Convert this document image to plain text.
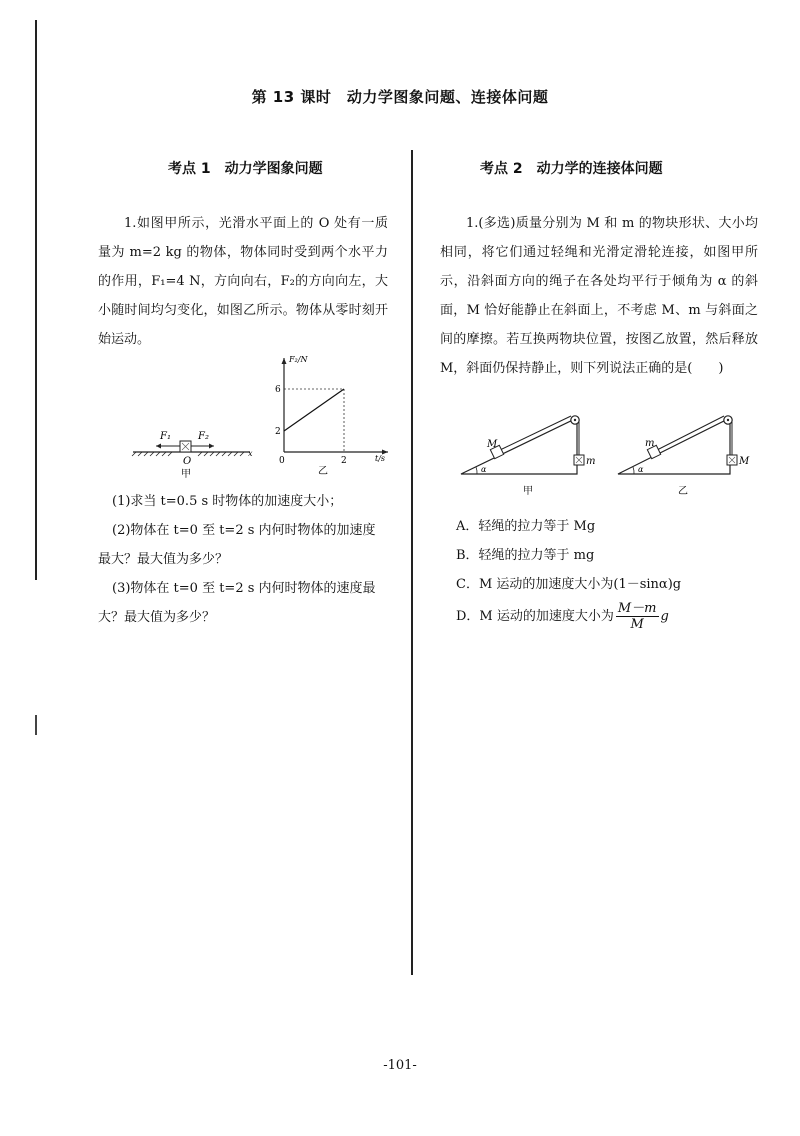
第 13 课时　动力学图象问题、连接体问题
考点 1　动力学图象问题
1.如图甲所示，光滑水平面上的 O 处有一质量为 m=2 kg 的物体，物体同时受到两个水平力的作用，F₁=4 N，方向向右，F₂的方向向左，大小随时间均匀变化，如图乙所示。物体从零时刻开始运动。
F₁	F₂
x
O
甲
0	2
2
6
F₂/N
t/s
乙
(1)求当 t=0.5 s 时物体的加速度大小；
(2)物体在 t=0 至 t=2 s 内何时物体的加速度最大？最大值为多少？
(3)物体在 t=0 至 t=2 s 内何时物体的速度最大？最大值为多少？
考点 2　动力学的连接体问题
1.(多选)质量分别为 M 和 m 的物块形状、大小均相同，将它们通过轻绳和光滑定滑轮连接，如图甲所示，沿斜面方向的绳子在各处均平行于倾角为 α 的斜面，M 恰好能静止在斜面上，不考虑 M、m 与斜面之间的摩擦。若互换两物块位置，按图乙放置，然后释放 M，斜面仍保持静止，则下列说法正确的是(　　)
α
M
m
甲
α
m
M
乙
A．轻绳的拉力等于 Mg
B．轻绳的拉力等于 mg
C．M 运动的加速度大小为(1－sinα)g
D．M 运动的加速度大小为 $\frac{M-m}{M}$ g
-101-
